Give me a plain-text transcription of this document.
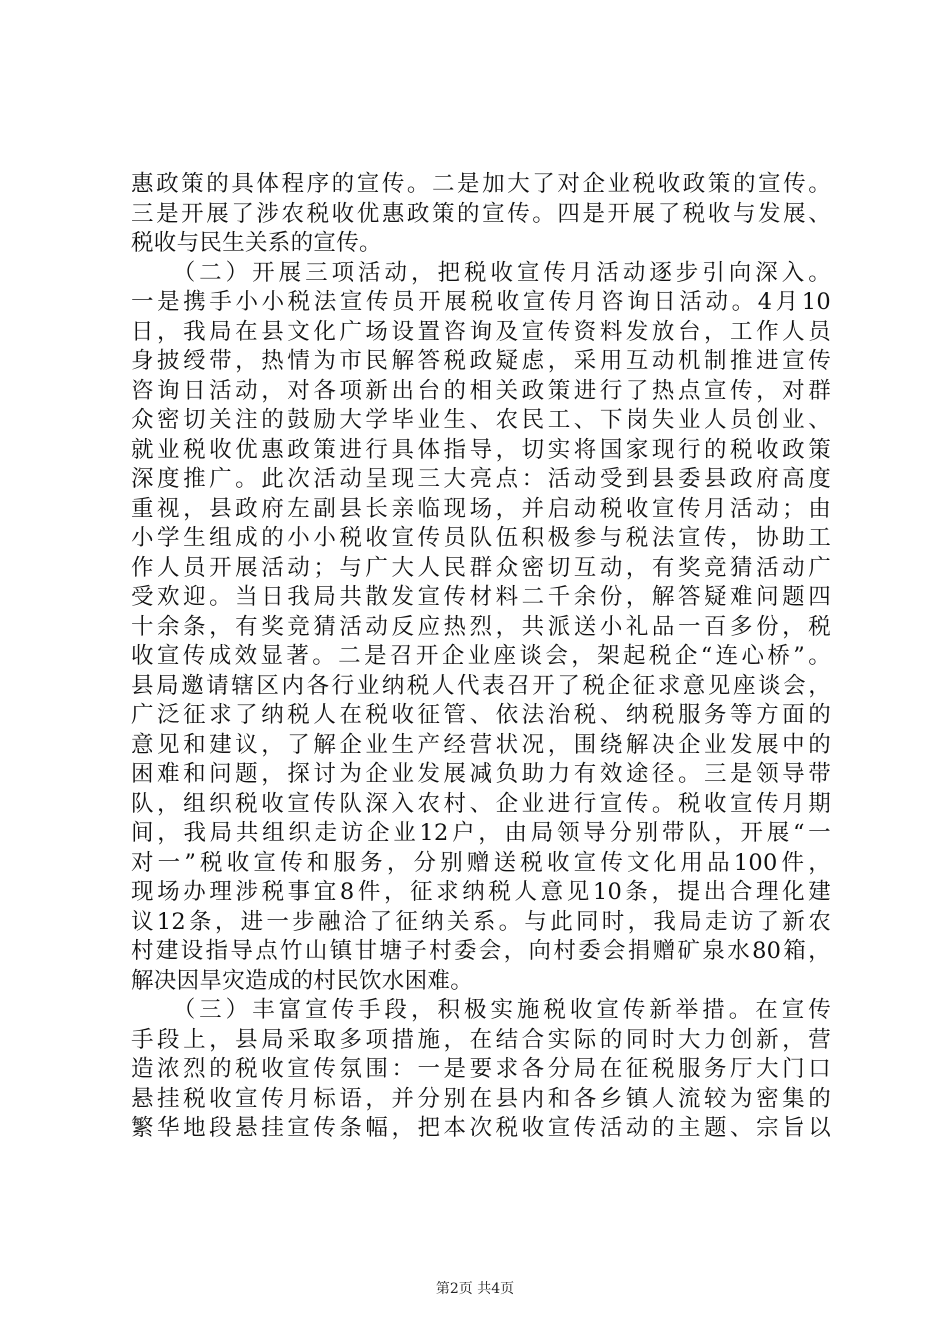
惠政策的具体程序的宣传。二是加大了对企业税收政策的宣传。
三是开展了涉农税收优惠政策的宣传。四是开展了税收与发展、
税收与民生关系的宣传。
　　（二）开展三项活动，把税收宣传月活动逐步引向深入。
一是携手小小税法宣传员开展税收宣传月咨询日活动。4月10
日，我局在县文化广场设置咨询及宣传资料发放台，工作人员
身披绶带，热情为市民解答税政疑虑，采用互动机制推进宣传
咨询日活动，对各项新出台的相关政策进行了热点宣传，对群
众密切关注的鼓励大学毕业生、农民工、下岗失业人员创业、
就业税收优惠政策进行具体指导，切实将国家现行的税收政策
深度推广。此次活动呈现三大亮点：活动受到县委县政府高度
重视，县政府左副县长亲临现场，并启动税收宣传月活动；由
小学生组成的小小税收宣传员队伍积极参与税法宣传，协助工
作人员开展活动；与广大人民群众密切互动，有奖竞猜活动广
受欢迎。当日我局共散发宣传材料二千余份，解答疑难问题四
十余条，有奖竞猜活动反应热烈，共派送小礼品一百多份，税
收宣传成效显著。二是召开企业座谈会，架起税企“连心桥”。
县局邀请辖区内各行业纳税人代表召开了税企征求意见座谈会，
广泛征求了纳税人在税收征管、依法治税、纳税服务等方面的
意见和建议，了解企业生产经营状况，围绕解决企业发展中的
困难和问题，探讨为企业发展减负助力有效途径。三是领导带
队，组织税收宣传队深入农村、企业进行宣传。税收宣传月期
间，我局共组织走访企业12户，由局领导分别带队，开展“一
对一”税收宣传和服务，分别赠送税收宣传文化用品100件，
现场办理涉税事宜8件，征求纳税人意见10条，提出合理化建
议12条，进一步融洽了征纳关系。与此同时，我局走访了新农
村建设指导点竹山镇甘塘子村委会，向村委会捐赠矿泉水80箱，
解决因旱灾造成的村民饮水困难。
　　（三）丰富宣传手段，积极实施税收宣传新举措。在宣传
手段上，县局采取多项措施，在结合实际的同时大力创新，营
造浓烈的税收宣传氛围：一是要求各分局在征税服务厅大门口
悬挂税收宣传月标语，并分别在县内和各乡镇人流较为密集的
繁华地段悬挂宣传条幅，把本次税收宣传活动的主题、宗旨以
第2页 共4页
